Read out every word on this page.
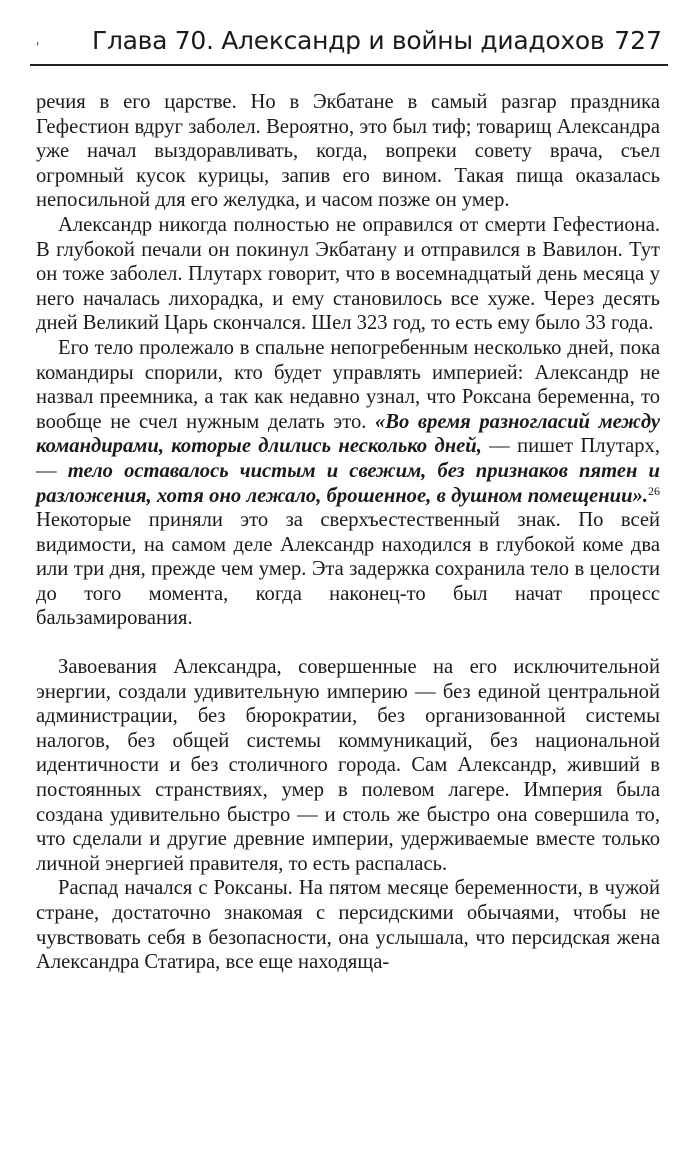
' Глава 70. Александр и войны диадохов 727

речия в его царстве. Но в Экбатане в самый разгар праздника Гефестион вдруг заболел. Вероятно, это был тиф; товарищ Александра уже начал выздоравливать, когда, вопреки совету врача, съел огромный кусок курицы, запив его вином. Такая пища оказалась непосильной для его желудка, и часом позже он умер.

Александр никогда полностью не оправился от смерти Гефестиона. В глубокой печали он покинул Экбатану и отправился в Вавилон. Тут он тоже заболел. Плутарх говорит, что в восемнадцатый день месяца у него началась лихорадка, и ему становилось все хуже. Через десять дней Великий Царь скончался. Шел 323 год, то есть ему было 33 года.

Его тело пролежало в спальне непогребенным несколько дней, пока командиры спорили, кто будет управлять империей: Александр не назвал преемника, а так как недавно узнал, что Роксана беременна, то вообще не счел нужным делать это. «Во время разногласий между командирами, которые длились несколько дней, — пишет Плутарх, — тело оставалось чистым и свежим, без признаков пятен и разложения, хотя оно лежало, брошенное, в душном помещении».$^{26}$ Некоторые приняли это за сверхъестественный знак. По всей видимости, на самом деле Александр находился в глубокой коме два или три дня, прежде чем умер. Эта задержка сохранила тело в целости до того момента, когда наконец-то был начат процесс бальзамирования.

Завоевания Александра, совершенные на его исключительной энергии, создали удивительную империю — без единой центральной администрации, без бюрократии, без организованной системы налогов, без общей системы коммуникаций, без национальной идентичности и без столичного города. Сам Александр, живший в постоянных странствиях, умер в полевом лагере. Империя была создана удивительно быстро — и столь же быстро она совершила то, что сделали и другие древние империи, удерживаемые вместе только личной энергией правителя, то есть распалась.

Распад начался с Роксаны. На пятом месяце беременности, в чужой стране, достаточно знакомая с персидскими обычаями, чтобы не чувствовать себя в безопасности, она услышала, что персидская жена Александра Статира, все еще находяща-
